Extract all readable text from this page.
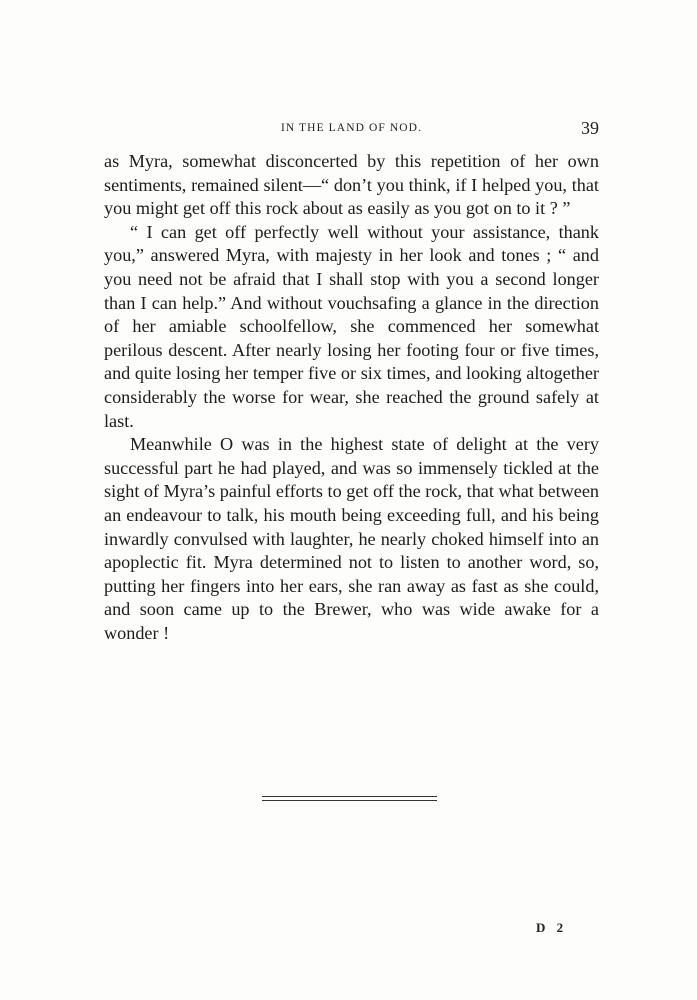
IN THE LAND OF NOD.	39

as Myra, somewhat disconcerted by this repetition of her own sentiments, remained silent—“ don’t you think, if I helped you, that you might get off this rock about as easily as you got on to it ? ”

“ I can get off perfectly well without your assistance, thank you,” answered Myra, with majesty in her look and tones ; “ and you need not be afraid that I shall stop with you a second longer than I can help.” And without vouchsafing a glance in the direction of her amiable schoolfellow, she commenced her somewhat perilous descent. After nearly losing her footing four or five times, and quite losing her temper five or six times, and looking altogether considerably the worse for wear, she reached the ground safely at last.

Meanwhile O was in the highest state of delight at the very successful part he had played, and was so immensely tickled at the sight of Myra’s painful efforts to get off the rock, that what between an endeavour to talk, his mouth being exceeding full, and his being inwardly convulsed with laughter, he nearly choked himself into an apoplectic fit. Myra determined not to listen to another word, so, putting her fingers into her ears, she ran away as fast as she could, and soon came up to the Brewer, who was wide awake for a wonder !

D 2
